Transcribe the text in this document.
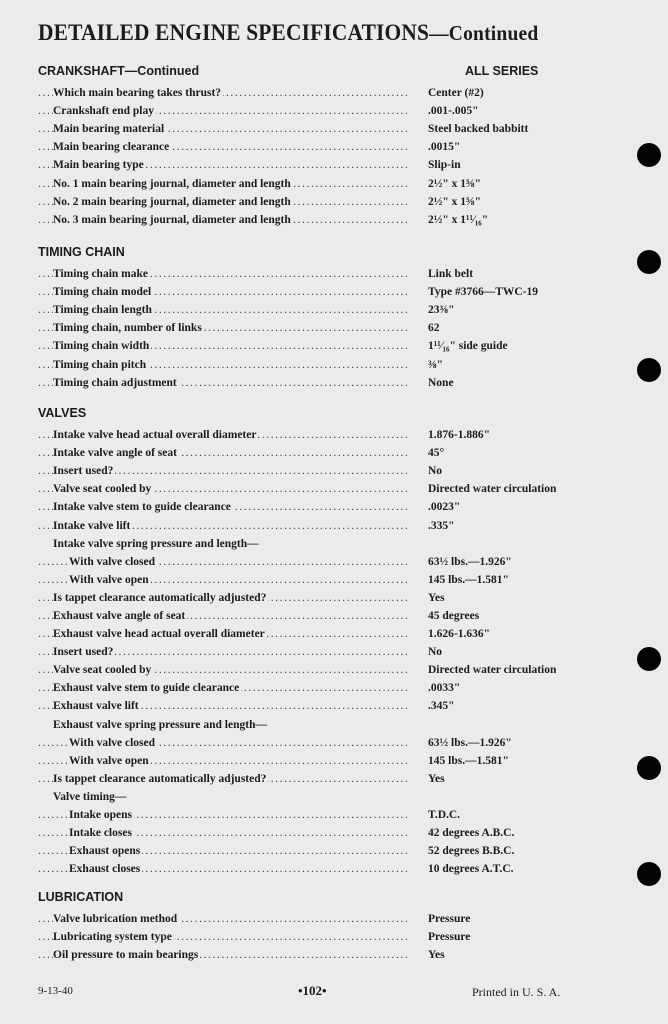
DETAILED ENGINE SPECIFICATIONS—Continued
CRANKSHAFT—Continued	ALL SERIES
Which main bearing takes thrust? .....	Center (#2)
Crankshaft end play .....	.001-.005"
Main bearing material .....	Steel backed babbitt
Main bearing clearance .....	.0015"
Main bearing type .....	Slip-in
No. 1 main bearing journal, diameter and length .....	2½" x 1⅝"
No. 2 main bearing journal, diameter and length .....	2½" x 1⅝"
No. 3 main bearing journal, diameter and length .....	2½" x 1¹¹⁄₁₆"
TIMING CHAIN
Timing chain make .....	Link belt
Timing chain model .....	Type #3766—TWC-19
Timing chain length .....	23⅜"
Timing chain, number of links .....	62
Timing chain width .....	1¹¹⁄₁₆" side guide
Timing chain pitch .....	⅜"
Timing chain adjustment .....	None
VALVES
Intake valve head actual overall diameter .....	1.876-1.886"
Intake valve angle of seat .....	45°
Insert used? .....	No
Valve seat cooled by .....	Directed water circulation
Intake valve stem to guide clearance .....	.0023"
Intake valve lift .....	.335"
Intake valve spring pressure and length—
With valve closed .....	63½ lbs.—1.926"
With valve open .....	145 lbs.—1.581"
Is tappet clearance automatically adjusted? .....	Yes
Exhaust valve angle of seat .....	45 degrees
Exhaust valve head actual overall diameter .....	1.626-1.636"
Insert used? .....	No
Valve seat cooled by .....	Directed water circulation
Exhaust valve stem to guide clearance .....	.0033"
Exhaust valve lift .....	.345"
Exhaust valve spring pressure and length—
With valve closed .....	63½ lbs.—1.926"
With valve open .....	145 lbs.—1.581"
Is tappet clearance automatically adjusted? .....	Yes
Valve timing—
Intake opens .....	T.D.C.
Intake closes .....	42 degrees A.B.C.
Exhaust opens .....	52 degrees B.B.C.
Exhaust closes .....	10 degrees A.T.C.
LUBRICATION
Valve lubrication method .....	Pressure
Lubricating system type .....	Pressure
Oil pressure to main bearings .....	Yes
9-13-40	•102•	Printed in U. S. A.
